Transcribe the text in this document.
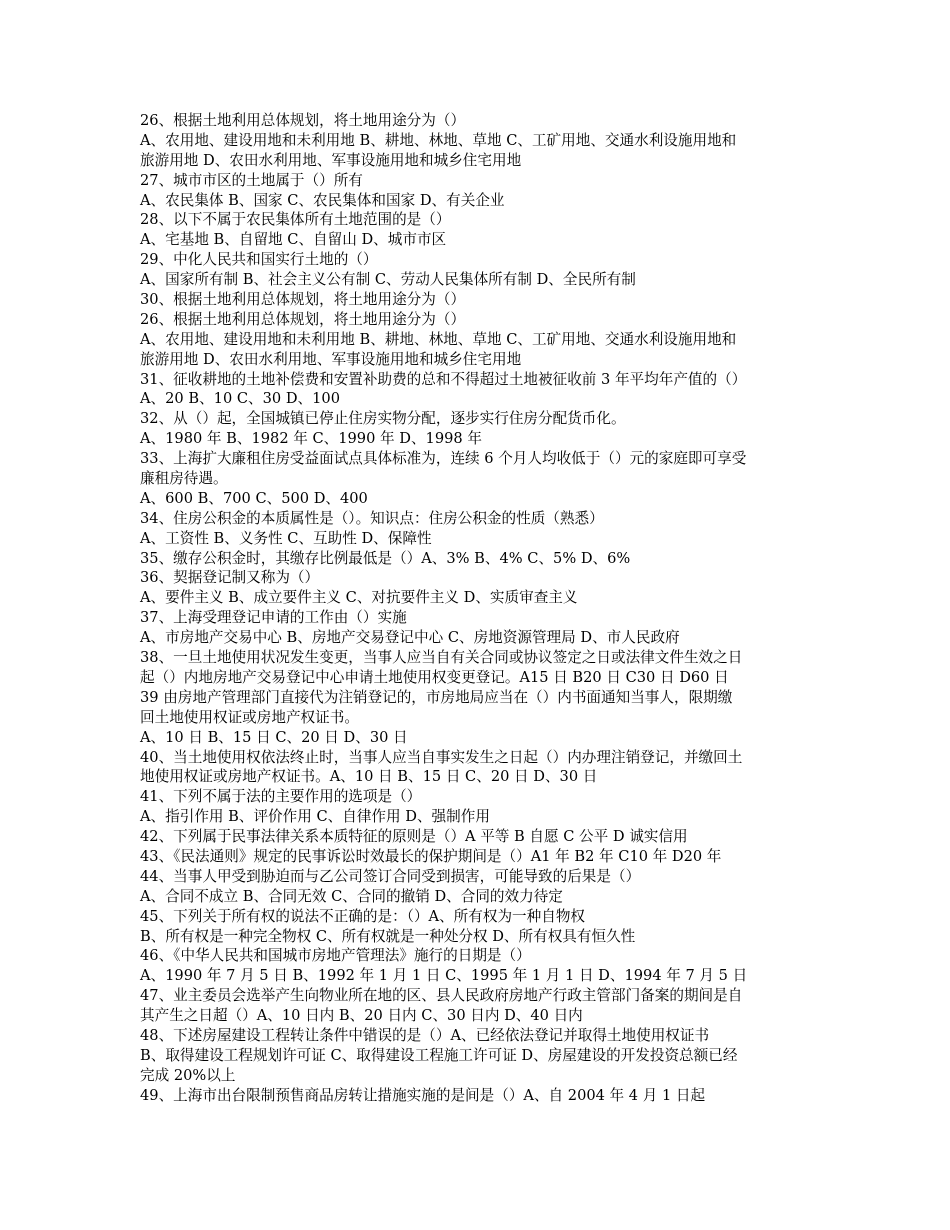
26、根据土地利用总体规划，将土地用途分为（）
A、农用地、建设用地和未利用地 B、耕地、林地、草地 C、工矿用地、交通水利设施用地和
旅游用地 D、农田水利用地、军事设施用地和城乡住宅用地
27、城市市区的土地属于（）所有
A、农民集体 B、国家 C、农民集体和国家 D、有关企业
28、以下不属于农民集体所有土地范围的是（）
A、宅基地 B、自留地 C、自留山 D、城市市区
29、中化人民共和国实行土地的（）
A、国家所有制 B、社会主义公有制 C、劳动人民集体所有制 D、全民所有制
30、根据土地利用总体规划，将土地用途分为（）
26、根据土地利用总体规划，将土地用途分为（）
A、农用地、建设用地和未利用地 B、耕地、林地、草地 C、工矿用地、交通水利设施用地和
旅游用地 D、农田水利用地、军事设施用地和城乡住宅用地
31、征收耕地的土地补偿费和安置补助费的总和不得超过土地被征收前 3 年平均年产值的（）
A、20 B、10 C、30 D、100
32、从（）起，全国城镇已停止住房实物分配，逐步实行住房分配货币化。
A、1980 年 B、1982 年 C、1990 年 D、1998 年
33、上海扩大廉租住房受益面试点具体标准为，连续 6 个月人均收低于（）元的家庭即可享受
廉租房待遇。
A、600 B、700 C、500 D、400
34、住房公积金的本质属性是（）。知识点：住房公积金的性质（熟悉）
A、工资性 B、义务性 C、互助性 D、保障性
35、缴存公积金时，其缴存比例最低是（）A、3% B、4% C、5% D、6%
36、契据登记制又称为（）
A、要件主义 B、成立要件主义 C、对抗要件主义 D、实质审查主义
37、上海受理登记申请的工作由（）实施
A、市房地产交易中心 B、房地产交易登记中心 C、房地资源管理局 D、市人民政府
38、一旦土地使用状况发生变更，当事人应当自有关合同或协议签定之日或法律文件生效之日
起（）内地房地产交易登记中心申请土地使用权变更登记。A15 日 B20 日 C30 日 D60 日
39 由房地产管理部门直接代为注销登记的，市房地局应当在（）内书面通知当事人，限期缴
回土地使用权证或房地产权证书。
A、10 日 B、15 日 C、20 日 D、30 日
40、当土地使用权依法终止时，当事人应当自事实发生之日起（）内办理注销登记，并缴回土
地使用权证或房地产权证书。A、10 日 B、15 日 C、20 日 D、30 日
41、下列不属于法的主要作用的选项是（）
A、指引作用 B、评价作用 C、自律作用 D、强制作用
42、下列属于民事法律关系本质特征的原则是（）A 平等 B 自愿 C 公平 D 诚实信用
43、《民法通则》规定的民事诉讼时效最长的保护期间是（）A1 年 B2 年 C10 年 D20 年
44、当事人甲受到胁迫而与乙公司签订合同受到损害，可能导致的后果是（）
A、合同不成立 B、合同无效 C、合同的撤销 D、合同的效力待定
45、下列关于所有权的说法不正确的是：（）A、所有权为一种自物权
B、所有权是一种完全物权 C、所有权就是一种处分权 D、所有权具有恒久性
46、《中华人民共和国城市房地产管理法》施行的日期是（）
A、1990 年 7 月 5 日 B、1992 年 1 月 1 日 C、1995 年 1 月 1 日 D、1994 年 7 月 5 日
47、业主委员会选举产生向物业所在地的区、县人民政府房地产行政主管部门备案的期间是自
其产生之日超（）A、10 日内 B、20 日内 C、30 日内 D、40 日内
48、下述房屋建设工程转让条件中错误的是（）A、已经依法登记并取得土地使用权证书
B、取得建设工程规划许可证 C、取得建设工程施工许可证 D、房屋建设的开发投资总额已经
完成 20%以上
49、上海市出台限制预售商品房转让措施实施的是间是（）A、自 2004 年 4 月 1 日起
